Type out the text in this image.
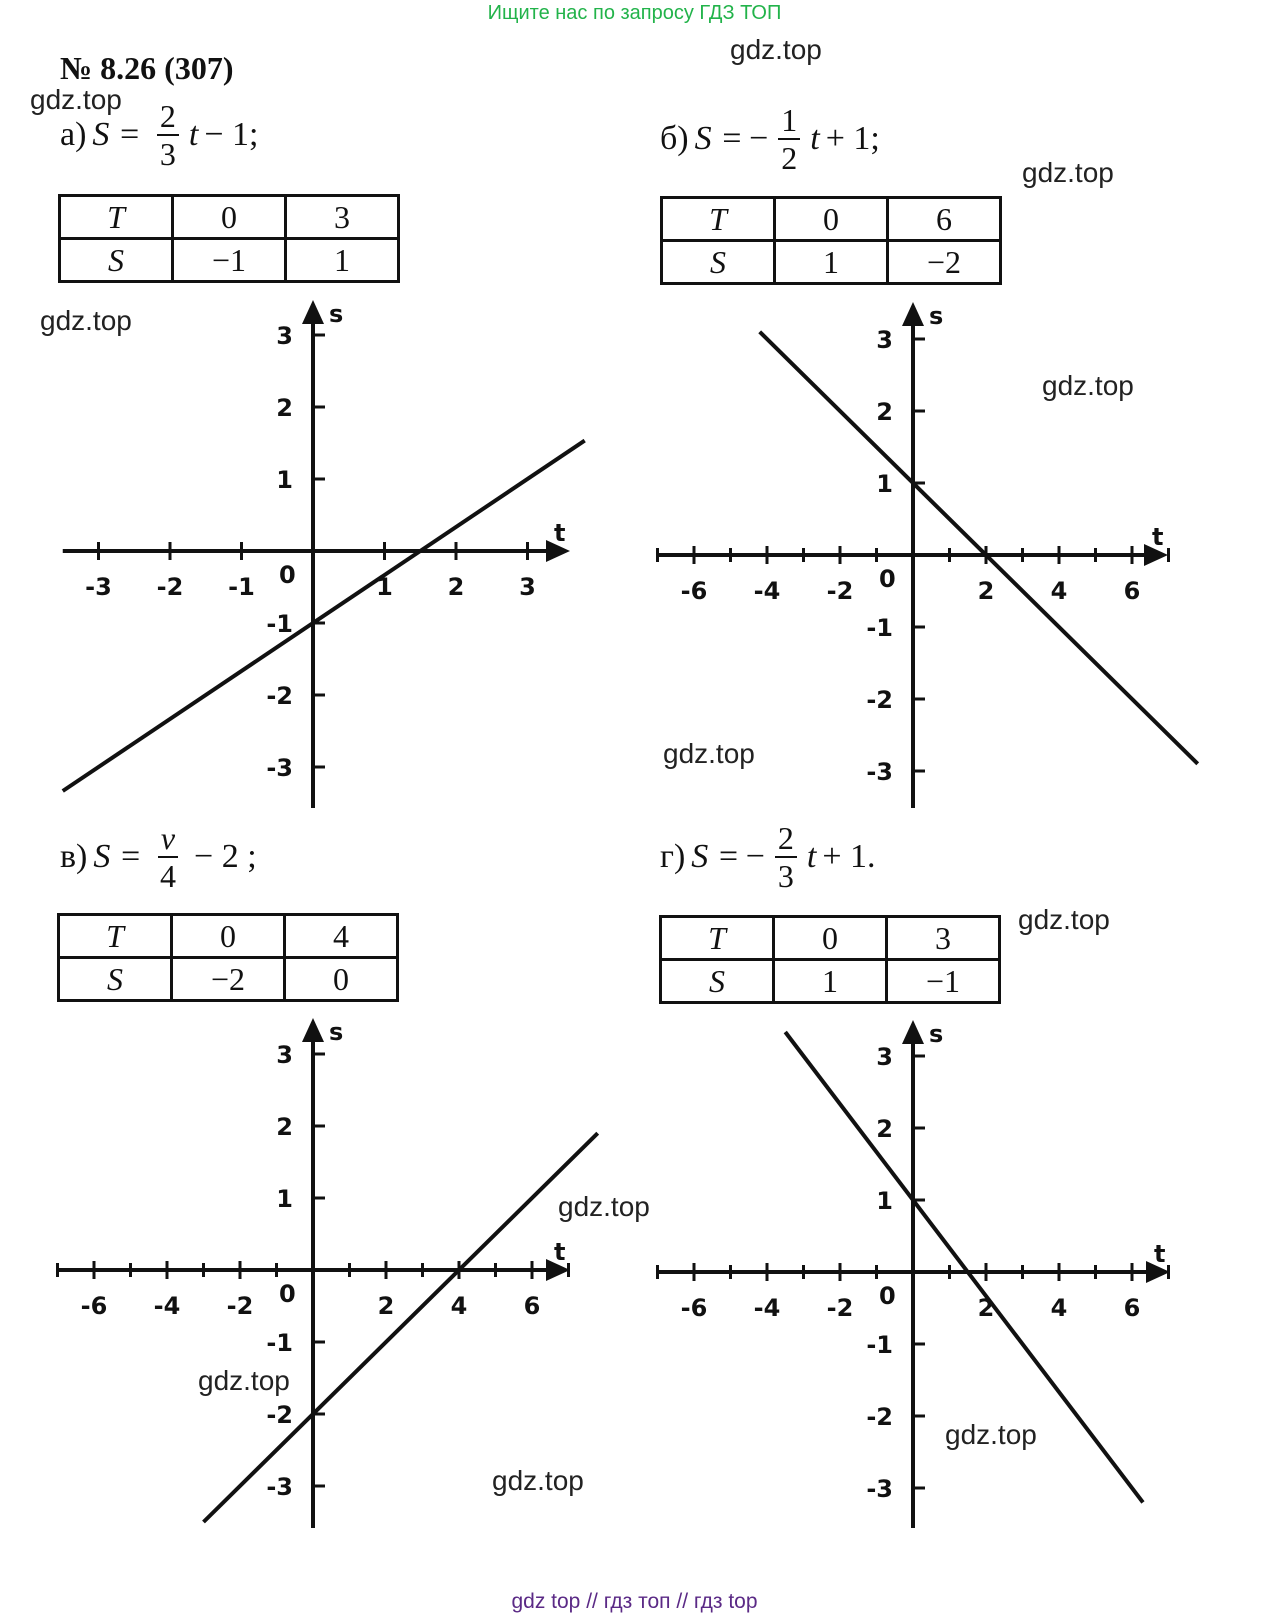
Ищите нас по запросу ГДЗ ТОП
№ 8.26 (307)
gdz.top
gdz.top
gdz.top
gdz.top
gdz.top
gdz.top
gdz.top
gdz.top
gdz.top
gdz.top
gdz.top
а) $S = \frac{2}{3}$ t − 1;
T	0	3
S	−1	1
б) S = − $\frac{1}{2}$ t + 1;
T	0	6
S	1	−2
в) $S = \frac{v}{4} - 2$ ;
T	0	4
S	−2	0
г) S = − $\frac{2}{3}$ t + 1.
T	0	3
S	1	−1
t
s
0
-3 -2 -1	1 2 3
3
2
1
-1
-2
-3
t
s
0
-6 -4 -2	2 4 6
3
2
1
-1
-2
-3
t
s
0
-6 -4 -2	2 4 6
3
2
1
-1
-2
-3
t
s
0
-6 -4 -2	2 4 6
3
2
1
-1
-2
-3
gdz top // гдз топ // гдз top
